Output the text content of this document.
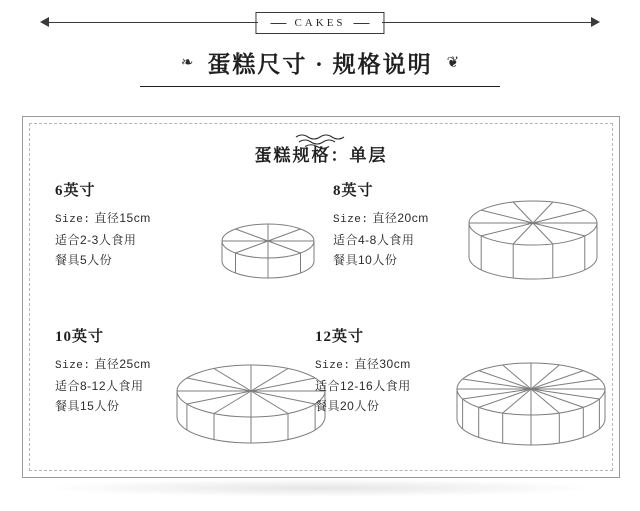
CAKES
❧ 蛋糕尺寸 · 规格说明 ❦
蛋糕规格：单层
6英寸
Size: 直径15cm
适合2-3人食用
餐具5人份
8英寸
Size: 直径20cm
适合4-8人食用
餐具10人份
10英寸
Size: 直径25cm
适合8-12人食用
餐具15人份
12英寸
Size: 直径30cm
适合12-16人食用
餐具20人份
